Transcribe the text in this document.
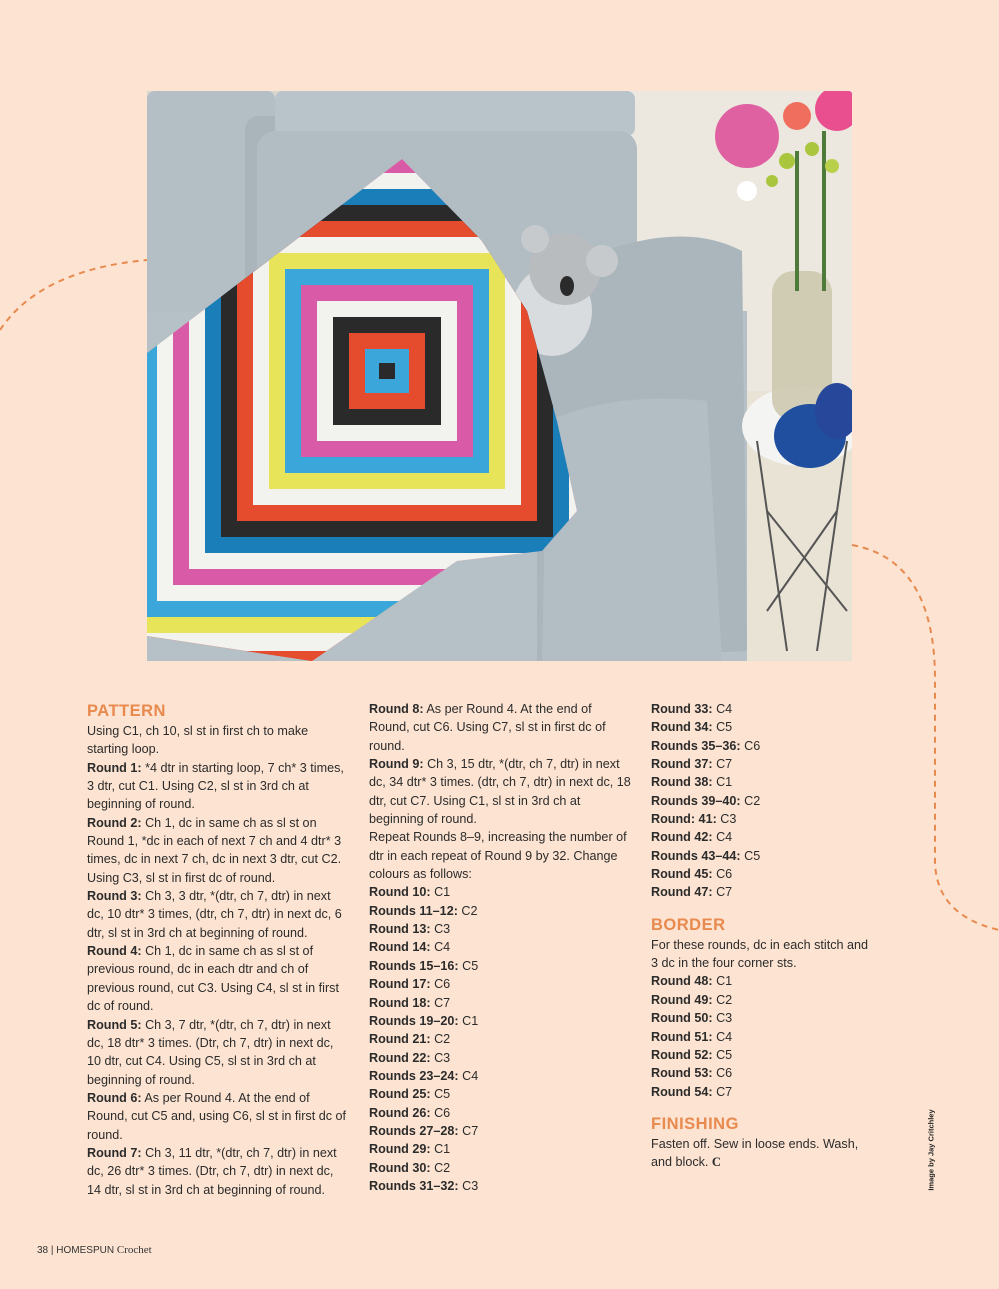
PATTERN

Using C1, ch 10, sl st in first ch to make starting loop.

Round 1: *4 dtr in starting loop, 7 ch* 3 times, 3 dtr, cut C1. Using C2, sl st in 3rd ch at beginning of round.

Round 2: Ch 1, dc in same ch as sl st on Round 1, *dc in each of next 7 ch and 4 dtr* 3 times, dc in next 7 ch, dc in next 3 dtr, cut C2. Using C3, sl st in first dc of round.

Round 3: Ch 3, 3 dtr, *(dtr, ch 7, dtr) in next dc, 10 dtr* 3 times, (dtr, ch 7, dtr) in next dc, 6 dtr, sl st in 3rd ch at beginning of round.

Round 4: Ch 1, dc in same ch as sl st of previous round, dc in each dtr and ch of previous round, cut C3. Using C4, sl st in first dc of round.

Round 5: Ch 3, 7 dtr, *(dtr, ch 7, dtr) in next dc, 18 dtr* 3 times. (Dtr, ch 7, dtr) in next dc, 10 dtr, cut C4. Using C5, sl st in 3rd ch at beginning of round.

Round 6: As per Round 4. At the end of Round, cut C5 and, using C6, sl st in first dc of round.

Round 7: Ch 3, 11 dtr, *(dtr, ch 7, dtr) in next dc, 26 dtr* 3 times. (Dtr, ch 7, dtr) in next dc, 14 dtr, sl st in 3rd ch at beginning of round.

Round 8: As per Round 4. At the end of Round, cut C6. Using C7, sl st in first dc of round.

Round 9: Ch 3, 15 dtr, *(dtr, ch 7, dtr) in next dc, 34 dtr* 3 times. (dtr, ch 7, dtr) in next dc, 18 dtr, cut C7. Using C1, sl st in 3rd ch at beginning of round.

Repeat Rounds 8–9, increasing the number of dtr in each repeat of Round 9 by 32. Change colours as follows:

Round 10: C1

Rounds 11–12: C2

Round 13: C3

Round 14: C4

Rounds 15–16: C5

Round 17: C6

Round 18: C7

Rounds 19–20: C1

Round 21: C2

Round 22: C3

Rounds 23–24: C4

Round 25: C5

Round 26: C6

Rounds 27–28: C7

Round 29: C1

Round 30: C2

Rounds 31–32: C3

Round 33: C4

Round 34: C5

Rounds 35–36: C6

Round 37: C7

Round 38: C1

Rounds 39–40: C2

Round: 41: C3

Round 42: C4

Rounds 43–44: C5

Round 45: C6

Round 47: C7

BORDER

For these rounds, dc in each stitch and 3 dc in the four corner sts.

Round 48: C1

Round 49: C2

Round 50: C3

Round 51: C4

Round 52: C5

Round 53: C6

Round 54: C7

FINISHING

Fasten off. Sew in loose ends. Wash, and block. C	Image by Jay Critchley
38 | HOMESPUN Crochet
